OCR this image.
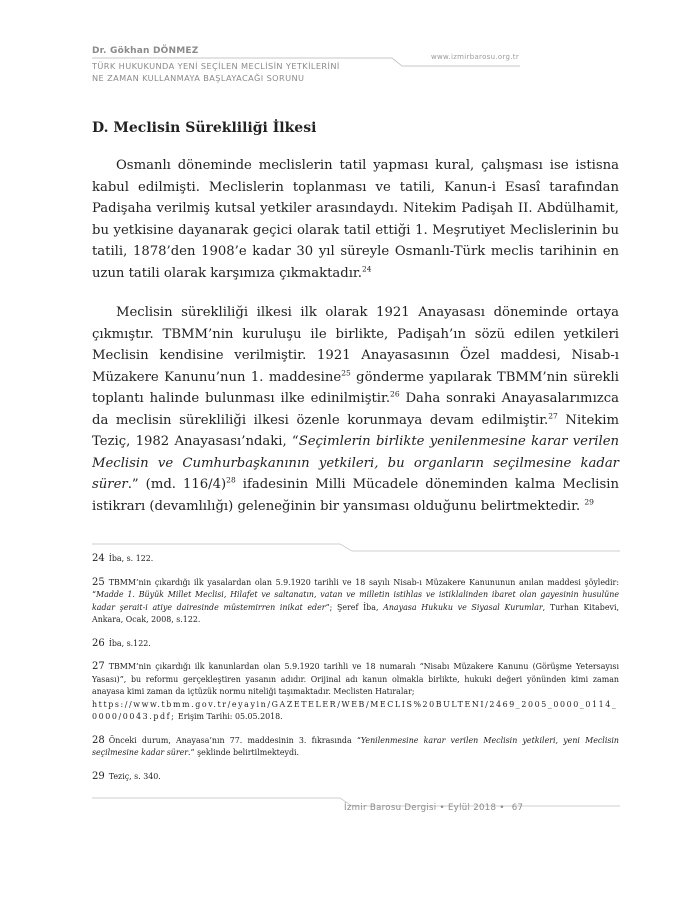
Dr. Gökhan DÖNMEZ
TÜRK HUKUKUNDA YENİ SEÇİLEN MECLİSİN YETKİLERİNİ
NE ZAMAN KULLANMAYA BAŞLAYACAĞI SORUNU
www.izmirbarosu.org.tr
D. Meclisin Sürekliliği İlkesi

Osmanlı döneminde meclislerin tatil yapması kural, çalışması ise istisna kabul edilmişti. Meclislerin toplanması ve tatili, Kanun-i Esasî tarafından Padişaha verilmiş kutsal yetkiler arasındaydı. Nitekim Padişah II. Abdülhamit, bu yetkisine dayanarak geçici olarak tatil ettiği 1. Meşrutiyet Meclislerinin bu tatili, 1878’den 1908’e kadar 30 yıl süreyle Osmanlı-Türk meclis tarihinin en uzun tatili olarak karşımıza çıkmaktadır.$^{24}$

Meclisin sürekliliği ilkesi ilk olarak 1921 Anayasası döneminde ortaya çıkmıştır. TBMM’nin kuruluşu ile birlikte, Padişah’ın sözü edilen yetkileri Meclisin kendisine verilmiştir. 1921 Anayasasının Özel maddesi, Nisab-ı Müzakere Kanunu’nun 1. maddesine$^{25}$ gönderme yapılarak TBMM’nin sürekli toplantı halinde bulunması ilke edinilmiştir.$^{26}$ Daha sonraki Anayasalarımızca da meclisin sürekliliği ilkesi özenle korunmaya devam edilmiştir.$^{27}$ Nitekim Teziç, 1982 Anayasası’ndaki, “Seçimlerin birlikte yenilenmesine karar verilen Meclisin ve Cumhurbaşkanının yetkileri, bu organların seçilmesine kadar sürer.” (md. 116/4)$^{28}$ ifadesinin Milli Mücadele döneminden kalma Meclisin istikrarı (devamlılığı) geleneğinin bir yansıması olduğunu belirtmektedir. $^{29}$

24 İba, s. 122.

25 TBMM’nin çıkardığı ilk yasalardan olan 5.9.1920 tarihli ve 18 sayılı Nisab-ı Müzakere Kanununun anılan maddesi şöyledir: “Madde 1. Büyük Millet Meclisi, Hilafet ve saltanatın, vatan ve milletin istihlas ve istiklalinden ibaret olan gayesinin husulüne kadar şerait-i atiye dairesinde müstemirren inikat eder”; Şeref İba, Anayasa Hukuku ve Siyasal Kurumlar, Turhan Kitabevi, Ankara, Ocak, 2008, s.122.

26 İba, s.122.

27 TBMM’nin çıkardığı ilk kanunlardan olan 5.9.1920 tarihli ve 18 numaralı “Nisabı Müzakere Kanunu (Görüşme Yetersayısı Yasası)”, bu reformu gerçekleştiren yasanın adıdır. Orijinal adı kanun olmakla birlikte, hukuki değeri yönünden kimi zaman anayasa kimi zaman da içtüzük normu niteliği taşımaktadır. Meclisten Hatıralar;
https://www.tbmm.gov.tr/eyayin/GAZETELER/WEB/MECLIS%20BULTENI/2469_2005_0000_0114_0000/0043.pdf; Erişim Tarihi: 05.05.2018.

28 Önceki durum, Anayasa’nın 77. maddesinin 3. fıkrasında “Yenilenmesine karar verilen Meclisin yetkileri, yeni Meclisin seçilmesine kadar sürer.” şeklinde belirtilmekteydi.

29 Teziç, s. 340.

İzmir Barosu Dergisi • Eylül 2018 • 67
